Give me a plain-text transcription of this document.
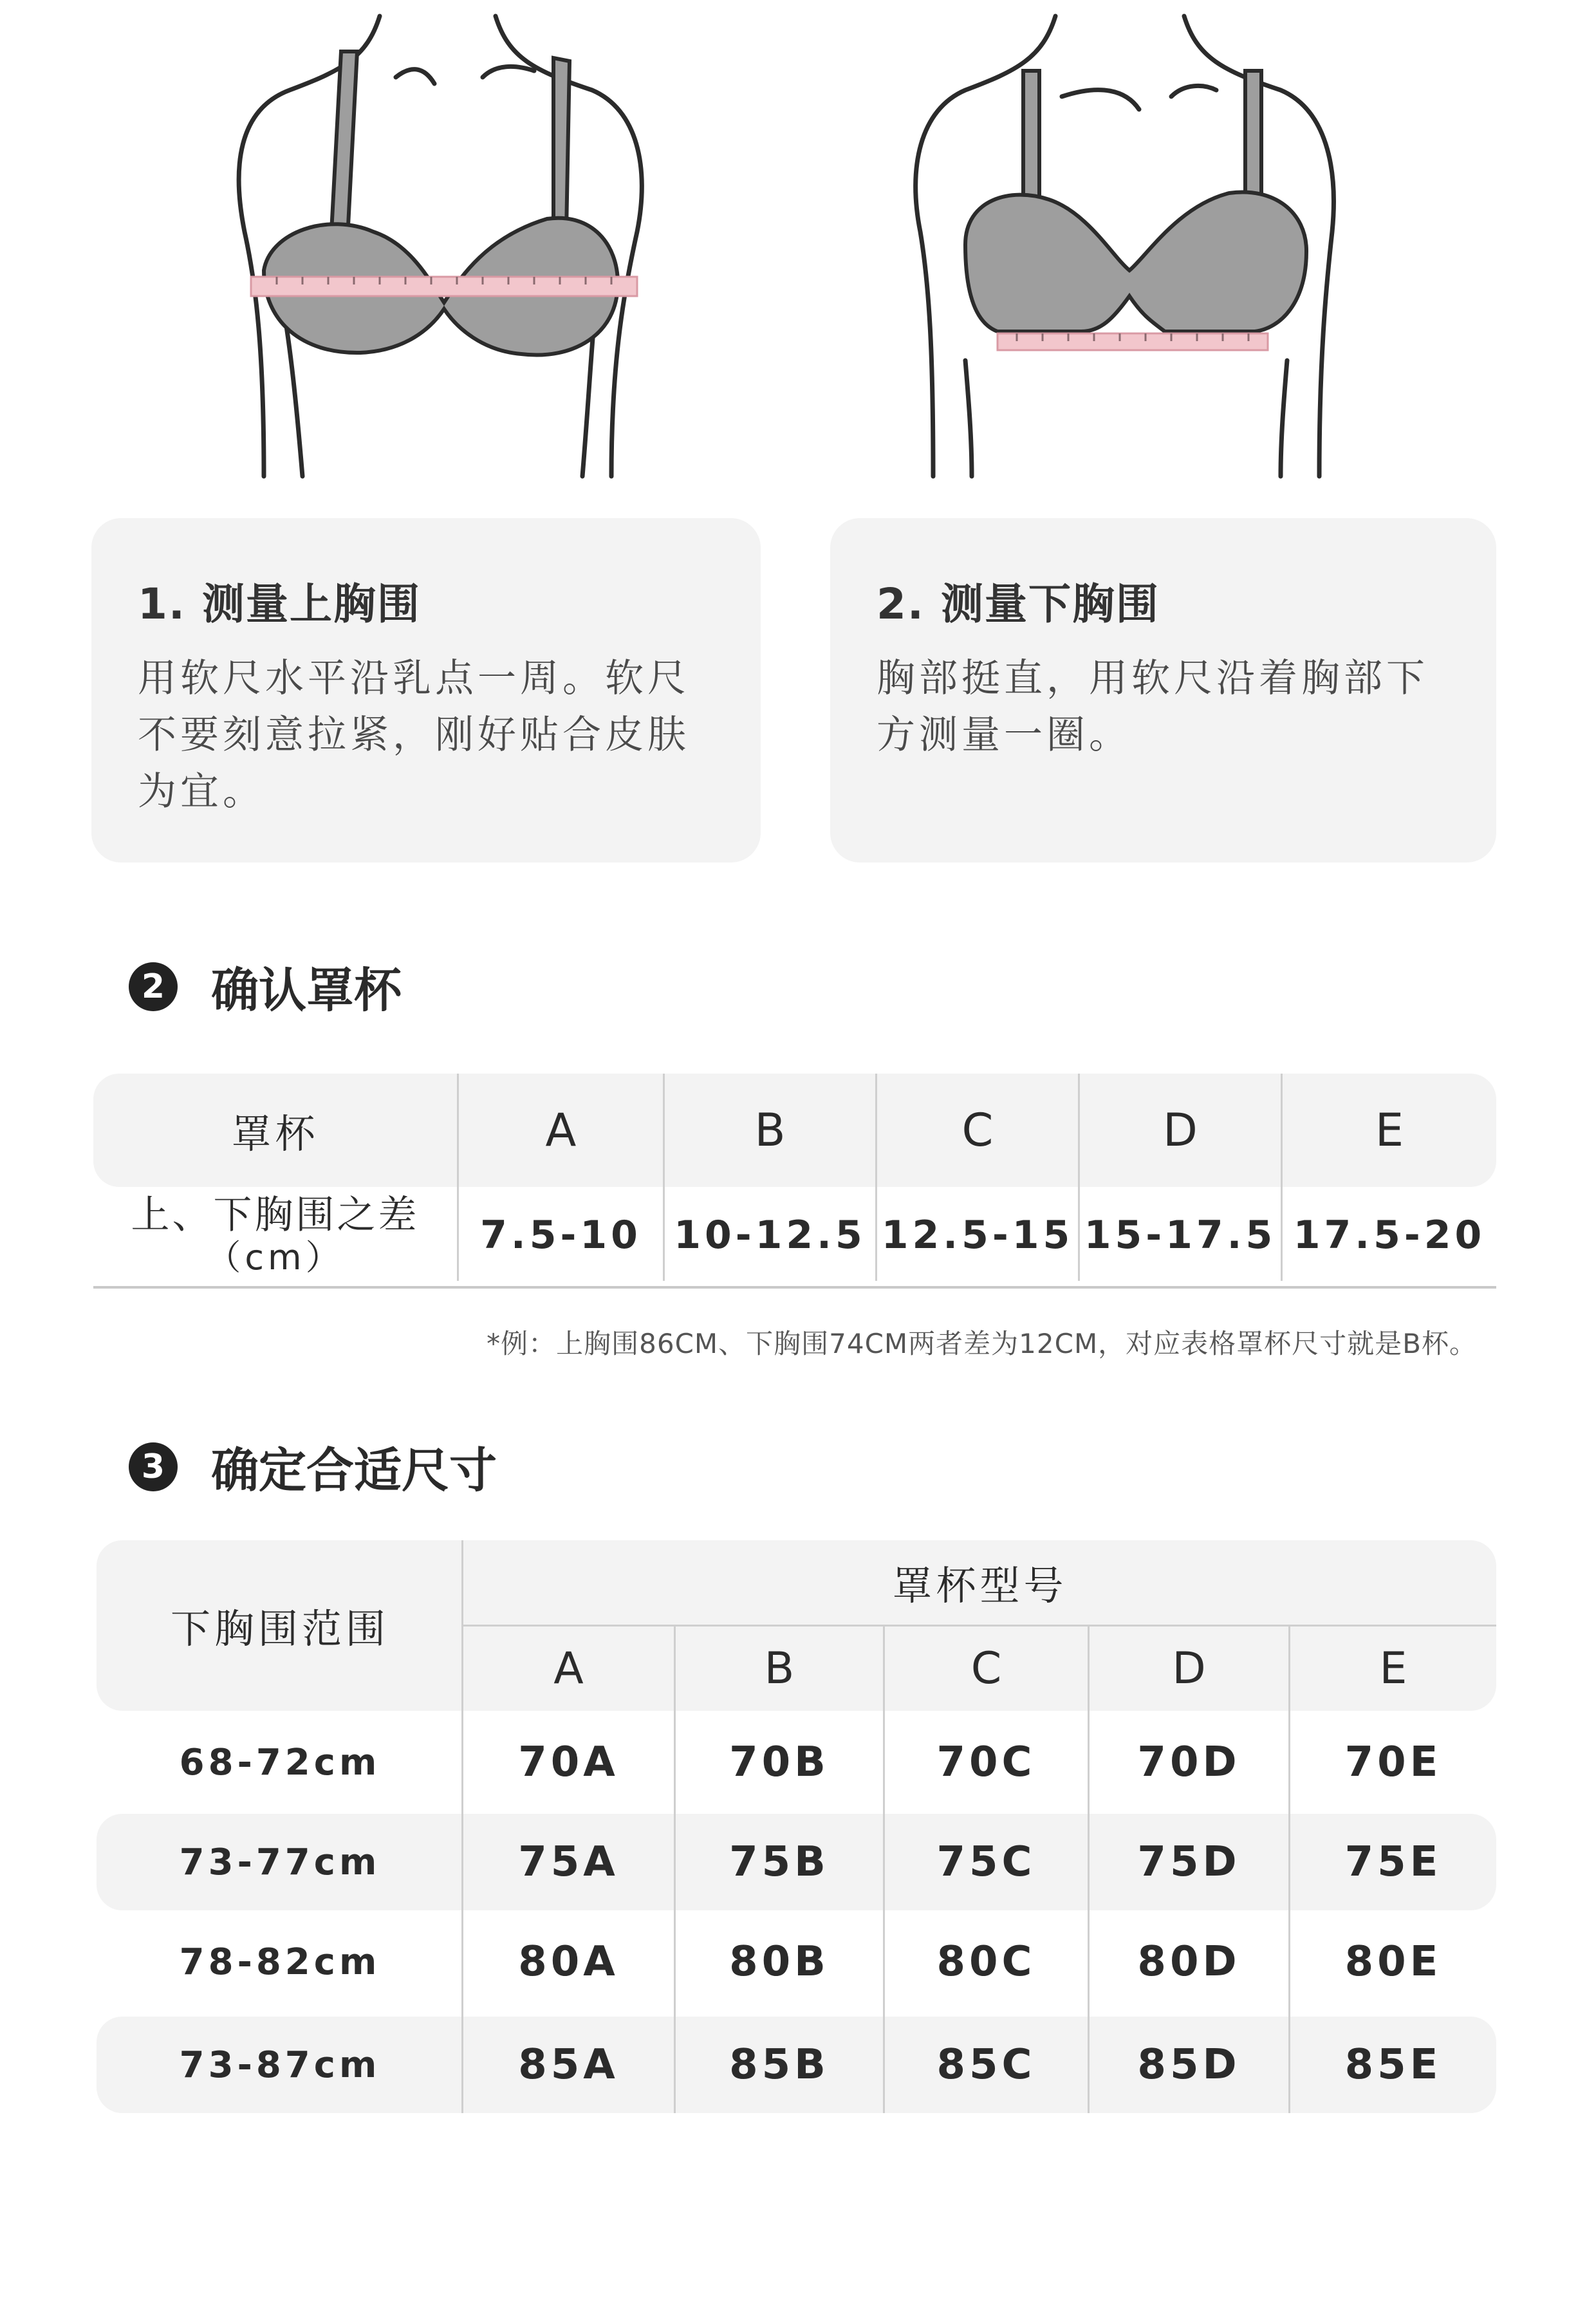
1. 测量上胸围

用软尺水平沿乳点一周。软尺不要刻意拉紧，刚好贴合皮肤为宜。

2. 测量下胸围

胸部挺直，用软尺沿着胸部下方测量一圈。

2 确认罩杯
罩杯	A	B	C	D	E
上、下胸围之差
（cm）	7.5-10 10-12.5 12.5-15 15-17.5 17.5-20
*例：上胸围86CM、下胸围74CM两者差为12CM，对应表格罩杯尺寸就是B杯。
3 确定合适尺寸
下胸围范围
罩杯型号
A	B	C	D	E
68-72cm	70A	70B	70C	70D	70E
73-77cm	75A	75B	75C	75D	75E
78-82cm	80A	80B	80C	80D	80E
73-87cm	85A	85B	85C	85D	85E
